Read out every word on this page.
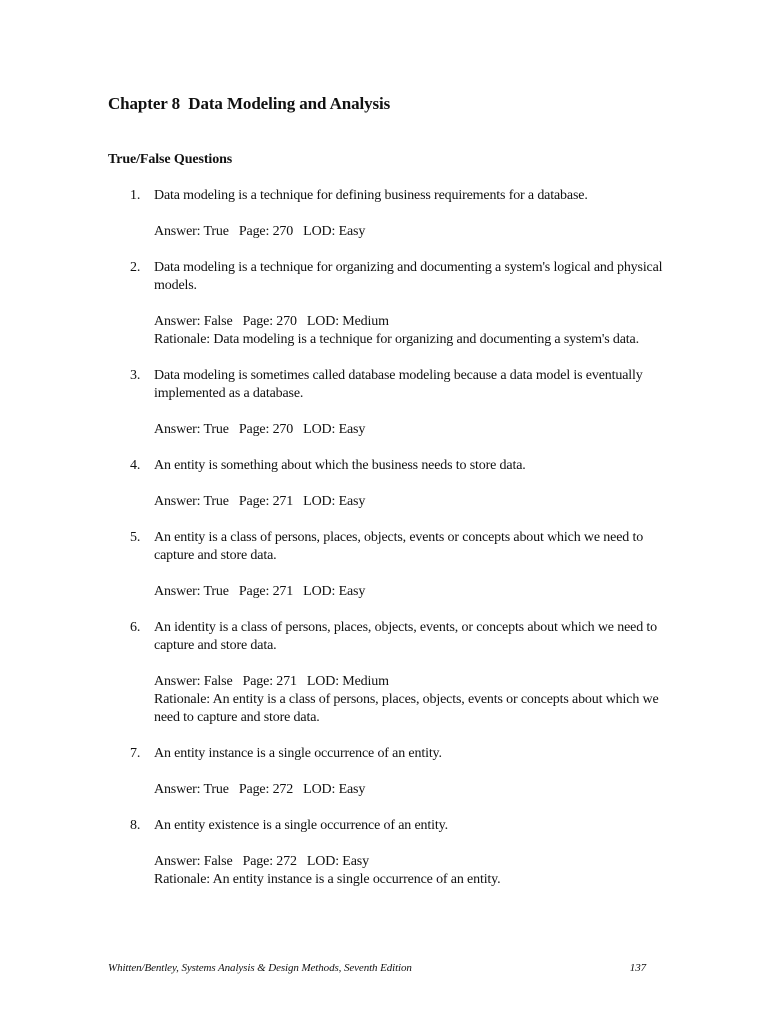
Chapter 8  Data Modeling and Analysis
True/False Questions
1. Data modeling is a technique for defining business requirements for a database.
Answer: True   Page: 270   LOD: Easy
2. Data modeling is a technique for organizing and documenting a system's logical and physical models.
Answer: False   Page: 270   LOD: Medium
Rationale: Data modeling is a technique for organizing and documenting a system's data.
3. Data modeling is sometimes called database modeling because a data model is eventually implemented as a database.
Answer: True   Page: 270   LOD: Easy
4. An entity is something about which the business needs to store data.
Answer: True   Page: 271   LOD: Easy
5. An entity is a class of persons, places, objects, events or concepts about which we need to capture and store data.
Answer: True   Page: 271   LOD: Easy
6. An identity is a class of persons, places, objects, events, or concepts about which we need to capture and store data.
Answer: False   Page: 271   LOD: Medium
Rationale: An entity is a class of persons, places, objects, events or concepts about which we need to capture and store data.
7. An entity instance is a single occurrence of an entity.
Answer: True   Page: 272   LOD: Easy
8. An entity existence is a single occurrence of an entity.
Answer: False   Page: 272   LOD: Easy
Rationale: An entity instance is a single occurrence of an entity.
Whitten/Bentley, Systems Analysis & Design Methods, Seventh Edition	137
